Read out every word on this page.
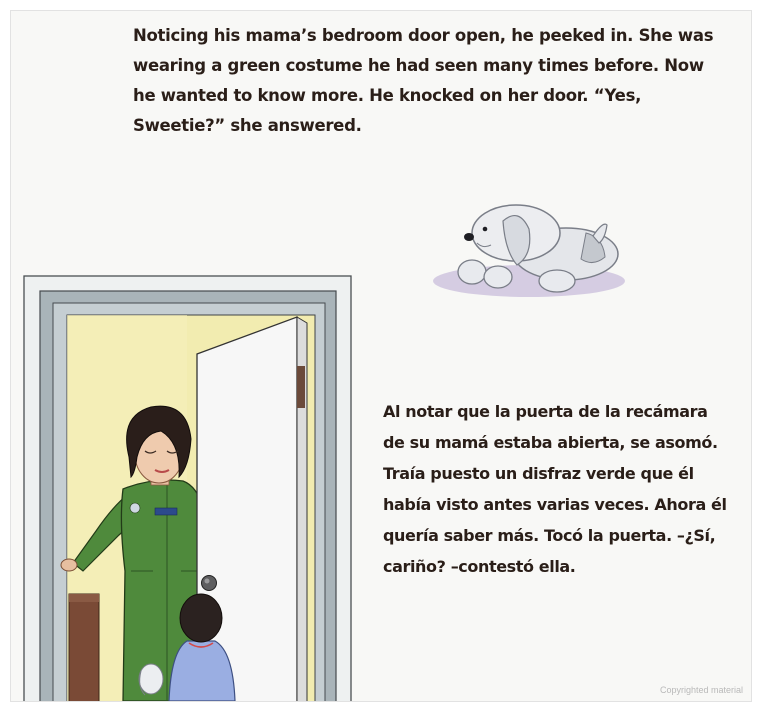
Noticing his mama’s bedroom door open, he peeked in. She was wearing a green costume he had seen many times before. Now he wanted to know more. He knocked on her door. “Yes, Sweetie?” she answered.

Al notar que la puerta de la recámara de su mamá estaba abierta, se asomó. Traía puesto un disfraz verde que él había visto antes varias veces. Ahora él quería saber más. Tocó la puerta. –¿Sí, cariño? –contestó ella.

Copyrighted material
